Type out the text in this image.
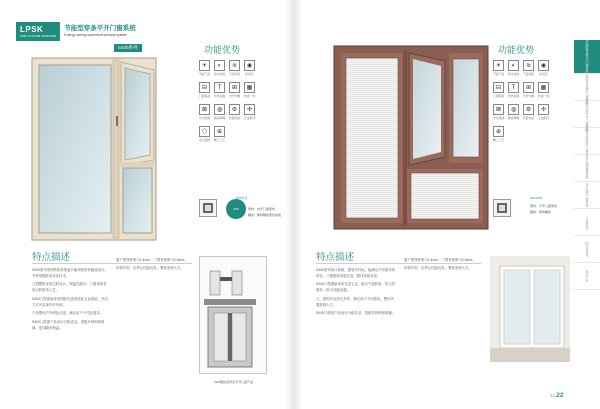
LPSK
LIPAI SYSTEM WINDOWS
节能型穿条平开门窗系统
Energy saving casement window system
S400系列	功能优势
☀
节能产品
◐
防水性能
≋
气密性能
◉
抗风压
⊟
门窗保温
T
传热系数
⊞
内开内倒
▦
纱窗一体
⊠
中空玻璃
◍
隔音降噪
⚙
防盗性能
✣
五金配件
⬡
安全锁闭
⊕
精工工艺
ø25
PA6尼龙
型材：内开门窗型材
隔热：断桥隔热型材系统
特点描述

S400系列采用断热条保温节能和铝型材截面设计，并采用隔热条穿条技术。

门窗整框采用空腔设计，保温性能好。门窗角部采用注胶组角工艺。

S400门窗窗扇采用国际先进的欧标五金系统，开启方式可实现内开内倒。

产品整体内外两色可选，满足用户个性化需求。

S400门窗窗产品设计分格灵活，搭配多种规格玻璃，更加隔音保温。

窗户型材壁厚为1.4mm，门型材壁厚为2.0mm。

结构牢固，抗风压性能优异，整体美观大方。

LWT隔热条穿条平开门窗产品
功能优势
☀
节能产品
◐
防水性能
≋
气密性能
◉
抗风压
⊟
门窗保温
T
传热系数
⊞
内开内倒
▦
纱窗一体
⊠
中空玻璃
◍
隔音降噪
⚙
防盗性能
✣
五金配件
⊕
精工工艺
22/21PM
型材：平开门窗型材
隔热：断桥隔热
特点描述

S400系列设计新颖，窗型多样化，能满足不同需求的项目，门窗配套设施完善，整体系统优异。

S400门窗窗扇采用先进五金，配合气密胶条，防尘效果好，防水性能优越。

门、窗的开启形式多样，满足用户不同需求，整体外观美观大方。

S400门窗窗产品设计分格灵活，搭配多种规格玻璃。

窗户型材壁厚为1.4mm，门型材壁厚为2.0mm。

结构牢固，抗风压性能优异，整体美观大方。

节能型穿条平开门窗系统
节能型穿条推拉门窗系统
节能型注胶平开门窗系统
节能型注胶推拉门窗系统
节能型幕墙系统
非节能型门窗系统
三文鱼系列
阳光房系列
其它产品
21/22
